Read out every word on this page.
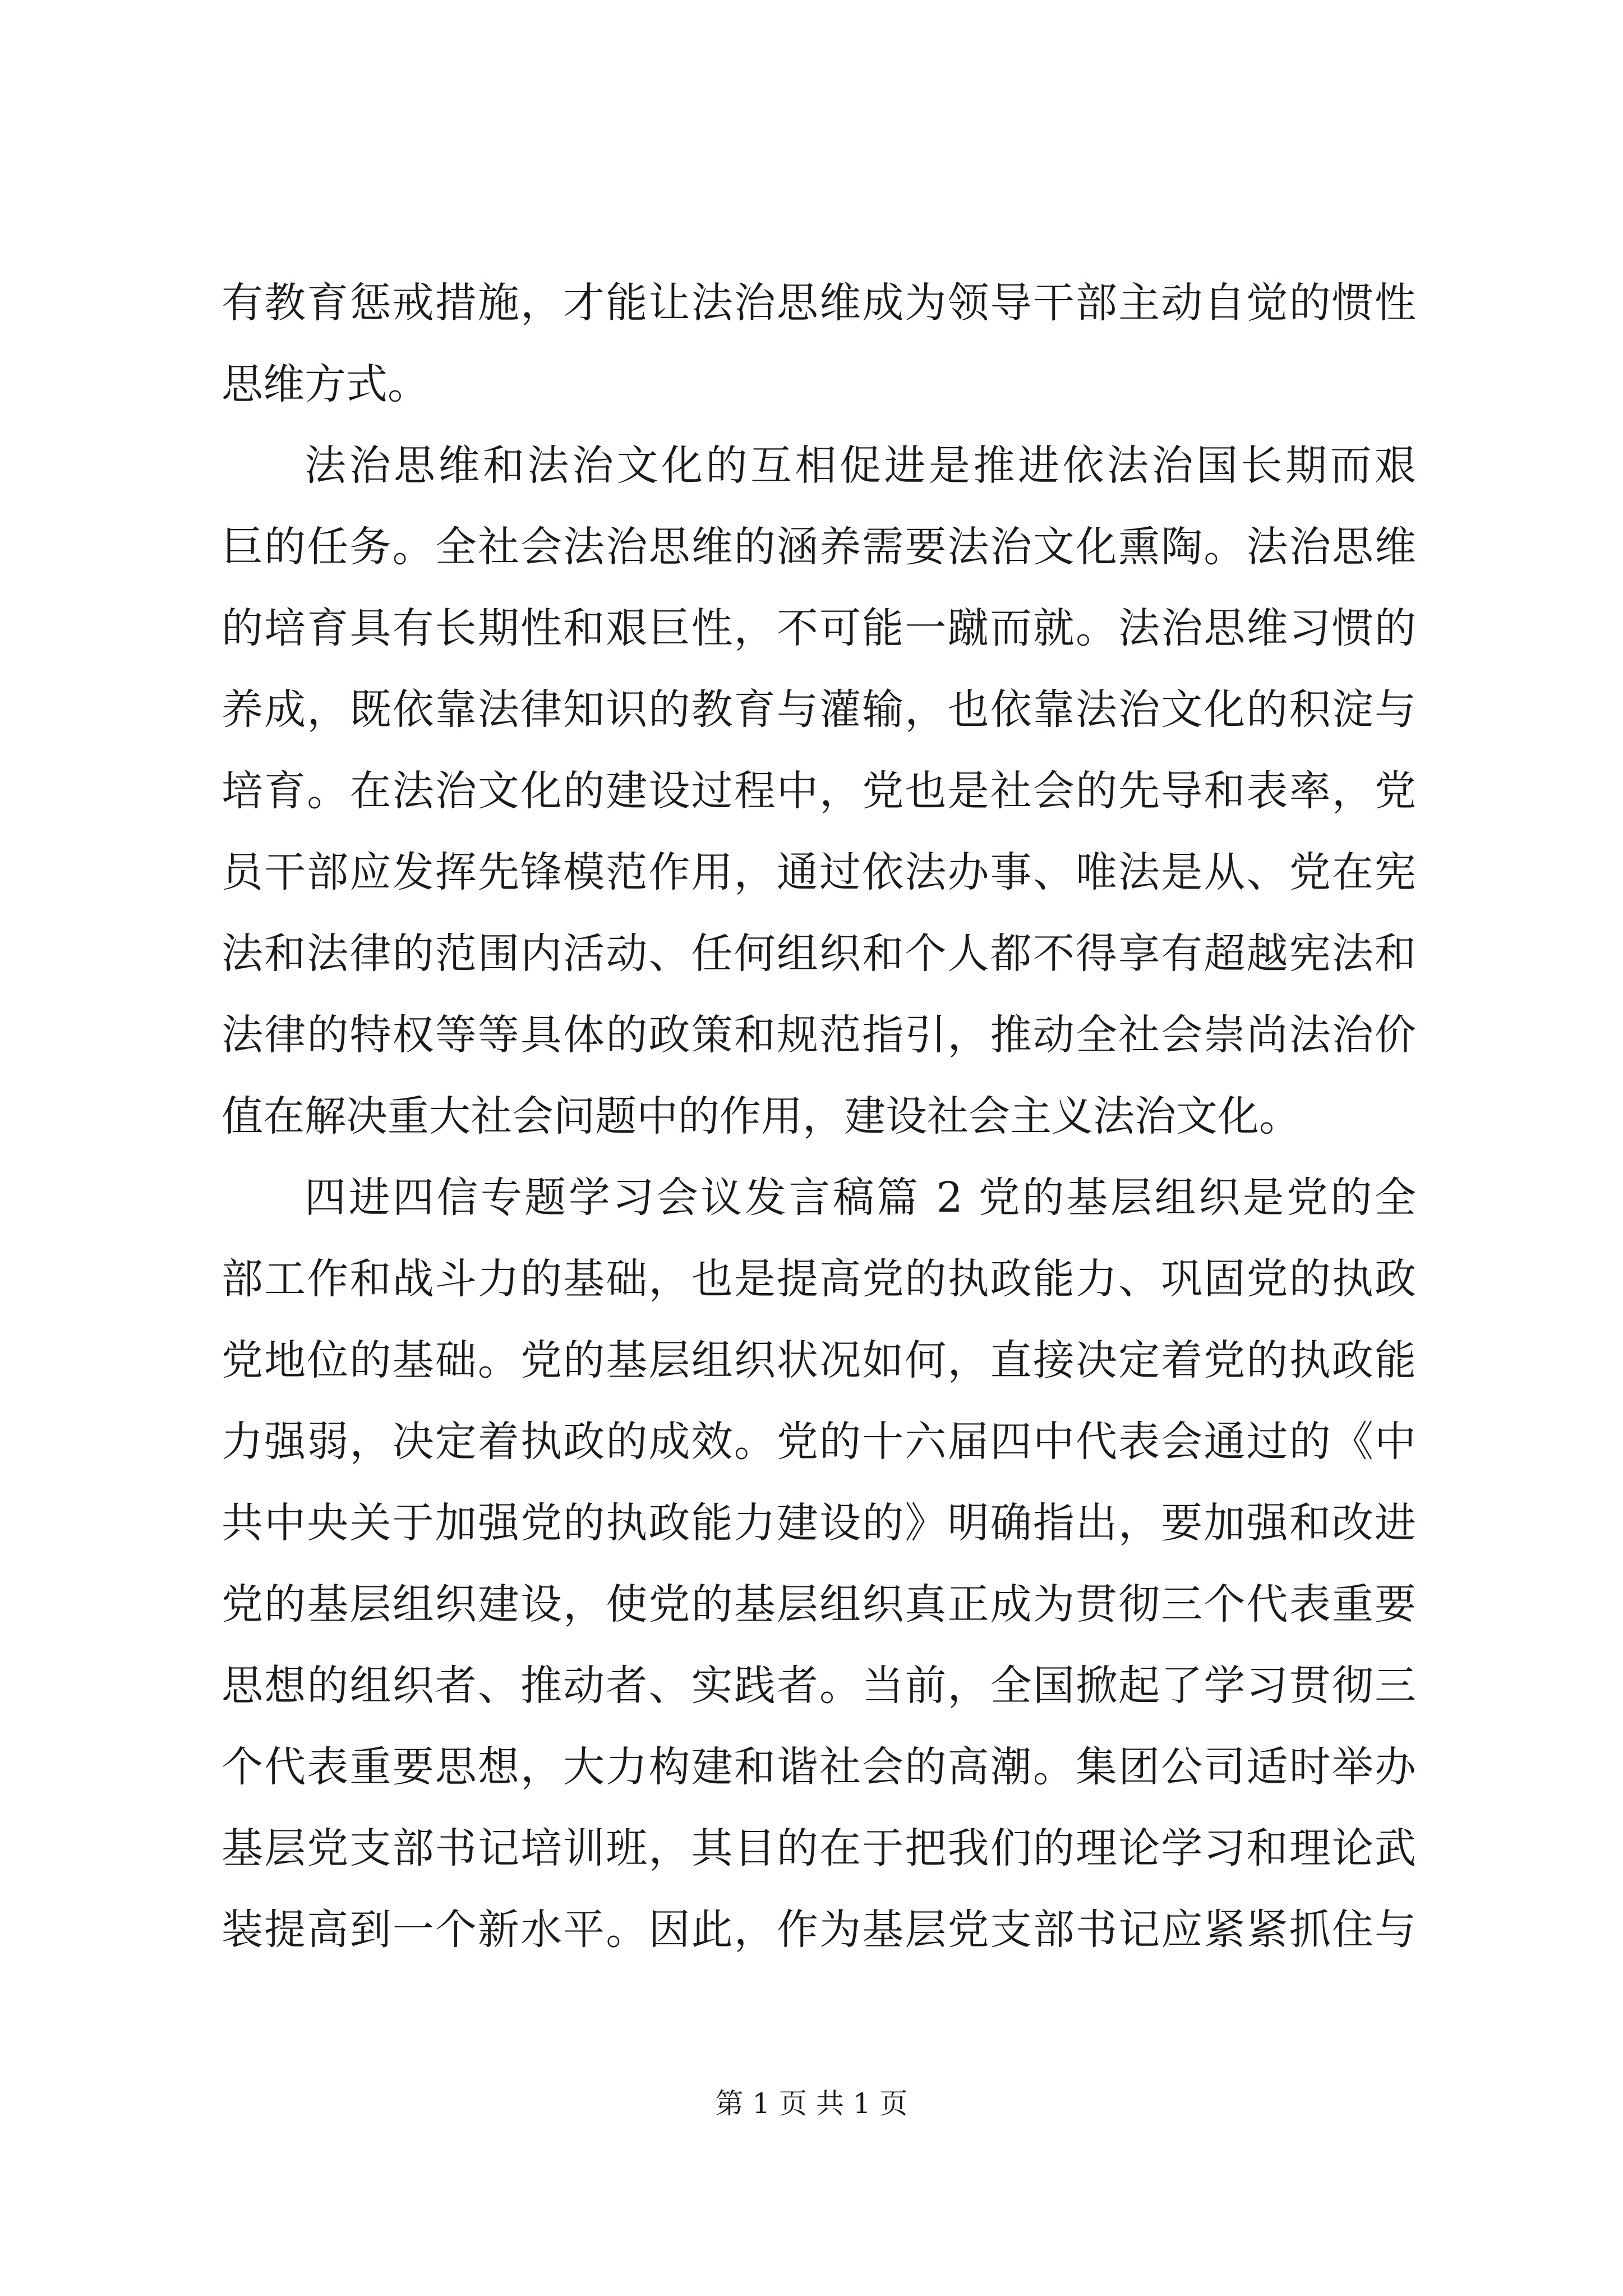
有教育惩戒措施，才能让法治思维成为领导干部主动自觉的惯性
思维方式。
法治思维和法治文化的互相促进是推进依法治国长期而艰
巨的任务。全社会法治思维的涵养需要法治文化熏陶。法治思维
的培育具有长期性和艰巨性，不可能一蹴而就。法治思维习惯的
养成，既依靠法律知识的教育与灌输，也依靠法治文化的积淀与
培育。在法治文化的建设过程中，党也是社会的先导和表率，党
员干部应发挥先锋模范作用，通过依法办事、唯法是从、党在宪
法和法律的范围内活动、任何组织和个人都不得享有超越宪法和
法律的特权等等具体的政策和规范指引，推动全社会崇尚法治价
值在解决重大社会问题中的作用，建设社会主义法治文化。
四进四信专题学习会议发言稿篇 2 党的基层组织是党的全
部工作和战斗力的基础，也是提高党的执政能力、巩固党的执政
党地位的基础。党的基层组织状况如何，直接决定着党的执政能
力强弱，决定着执政的成效。党的十六届四中代表会通过的《中
共中央关于加强党的执政能力建设的》明确指出，要加强和改进
党的基层组织建设，使党的基层组织真正成为贯彻三个代表重要
思想的组织者、推动者、实践者。当前，全国掀起了学习贯彻三
个代表重要思想，大力构建和谐社会的高潮。集团公司适时举办
基层党支部书记培训班，其目的在于把我们的理论学习和理论武
装提高到一个新水平。因此，作为基层党支部书记应紧紧抓住与
第 1 页 共 1 页
